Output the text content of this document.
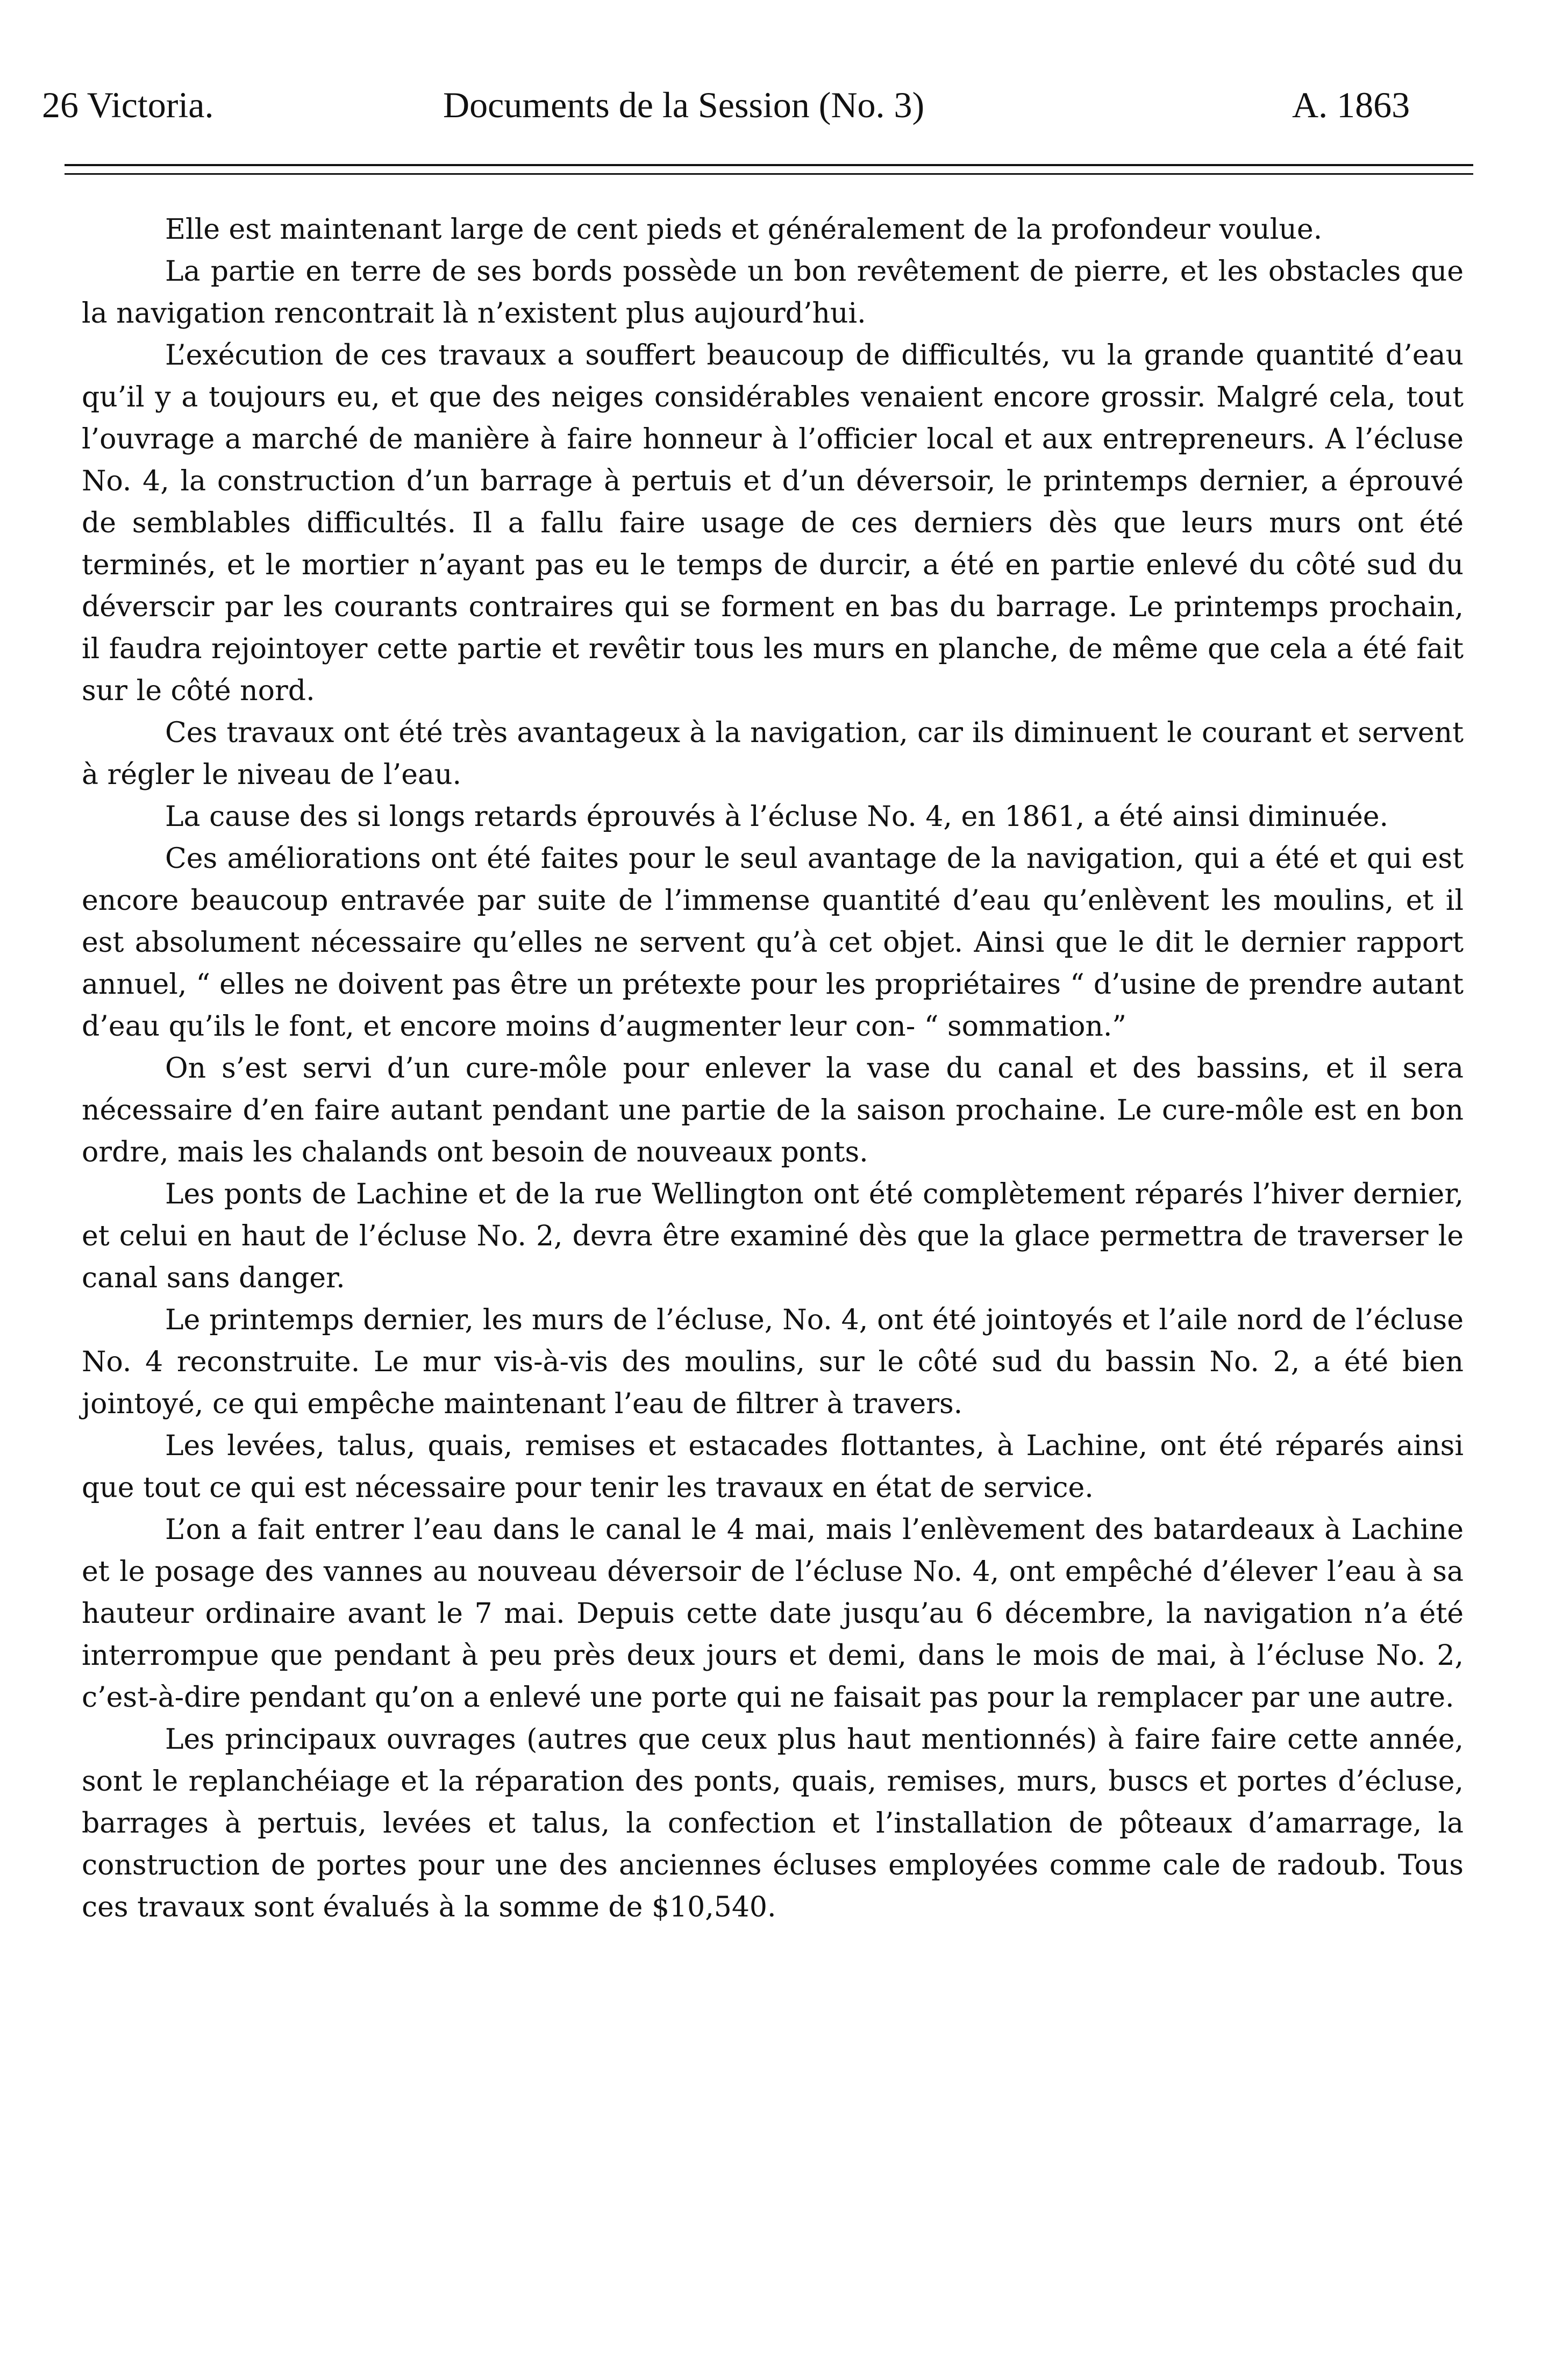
26 Victoria.	Documents de la Session (No. 3)	A. 1863

Elle est maintenant large de cent pieds et généralement de la profondeur voulue.

La partie en terre de ses bords possède un bon revêtement de pierre, et les obstacles que la navigation rencontrait là n’existent plus aujourd’hui.

L’exécution de ces travaux a souffert beaucoup de difficultés, vu la grande quantité d’eau qu’il y a toujours eu, et que des neiges considérables venaient encore grossir. Malgré cela, tout l’ouvrage a marché de manière à faire honneur à l’officier local et aux entrepreneurs. A l’écluse No. 4, la construction d’un barrage à pertuis et d’un déversoir, le printemps dernier, a éprouvé de semblables difficultés. Il a fallu faire usage de ces derniers dès que leurs murs ont été terminés, et le mortier n’ayant pas eu le temps de durcir, a été en partie enlevé du côté sud du déverscir par les courants contraires qui se forment en bas du barrage. Le printemps prochain, il faudra rejointoyer cette partie et revêtir tous les murs en planche, de même que cela a été fait sur le côté nord.

Ces travaux ont été très avantageux à la navigation, car ils diminuent le courant et servent à régler le niveau de l’eau.

La cause des si longs retards éprouvés à l’écluse No. 4, en 1861, a été ainsi diminuée.

Ces améliorations ont été faites pour le seul avantage de la navigation, qui a été et qui est encore beaucoup entravée par suite de l’immense quantité d’eau qu’enlèvent les moulins, et il est absolument nécessaire qu’elles ne servent qu’à cet objet. Ainsi que le dit le dernier rapport annuel, “ elles ne doivent pas être un prétexte pour les propriétaires “ d’usine de prendre autant d’eau qu’ils le font, et encore moins d’augmenter leur con- “ sommation.”

On s’est servi d’un cure-môle pour enlever la vase du canal et des bassins, et il sera nécessaire d’en faire autant pendant une partie de la saison prochaine. Le cure-môle est en bon ordre, mais les chalands ont besoin de nouveaux ponts.

Les ponts de Lachine et de la rue Wellington ont été complètement réparés l’hiver dernier, et celui en haut de l’écluse No. 2, devra être examiné dès que la glace permettra de traverser le canal sans danger.

Le printemps dernier, les murs de l’écluse, No. 4, ont été jointoyés et l’aile nord de l’écluse No. 4 reconstruite. Le mur vis-à-vis des moulins, sur le côté sud du bassin No. 2, a été bien jointoyé, ce qui empêche maintenant l’eau de filtrer à travers.

Les levées, talus, quais, remises et estacades flottantes, à Lachine, ont été réparés ainsi que tout ce qui est nécessaire pour tenir les travaux en état de service.

L’on a fait entrer l’eau dans le canal le 4 mai, mais l’enlèvement des batardeaux à Lachine et le posage des vannes au nouveau déversoir de l’écluse No. 4, ont empêché d’élever l’eau à sa hauteur ordinaire avant le 7 mai. Depuis cette date jusqu’au 6 décembre, la navigation n’a été interrompue que pendant à peu près deux jours et demi, dans le mois de mai, à l’écluse No. 2, c’est-à-dire pendant qu’on a enlevé une porte qui ne faisait pas pour la remplacer par une autre.

Les principaux ouvrages (autres que ceux plus haut mentionnés) à faire faire cette année, sont le replanchéiage et la réparation des ponts, quais, remises, murs, buscs et portes d’écluse, barrages à pertuis, levées et talus, la confection et l’installation de pôteaux d’amarrage, la construction de portes pour une des anciennes écluses employées comme cale de radoub. Tous ces travaux sont évalués à la somme de $10,540.
